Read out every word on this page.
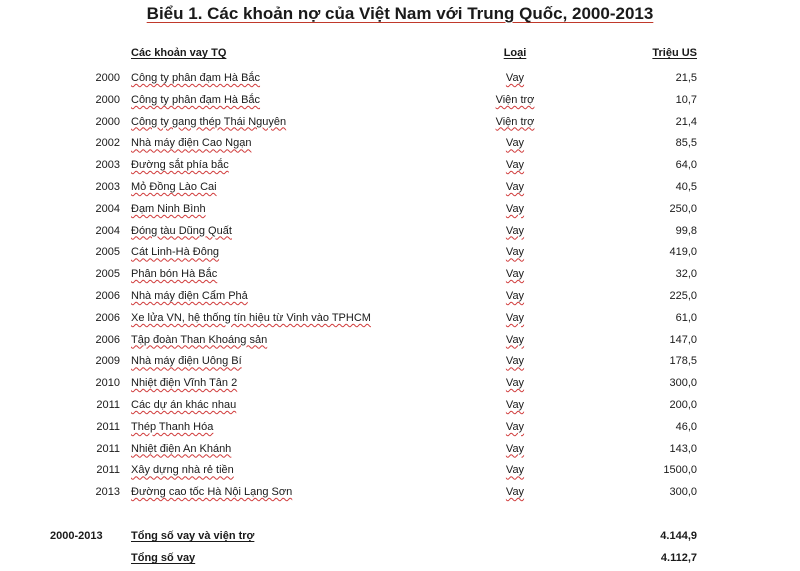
Biểu 1. Các khoản nợ của Việt Nam với Trung Quốc, 2000-2013
Các khoản vay TQ	Loại	Triệu US
2000 Công ty phân đạm Hà Bắc	Vay	21,5
2000 Công ty phân đạm Hà Bắc	Viện trợ	10,7
2000 Công ty gang thép Thái Nguyên	Viện trợ	21,4
2002 Nhà máy điện Cao Ngạn	Vay	85,5
2003 Đường sắt phía bắc	Vay	64,0
2003 Mỏ Đồng Lào Cai	Vay	40,5
2004 Đạm Ninh Bình	Vay	250,0
2004 Đóng tàu Dũng Quất	Vay	99,8
2005 Cát Linh-Hà Đông	Vay	419,0
2005 Phân bón Hà Bắc	Vay	32,0
2006 Nhà máy điện Cẩm Phả	Vay	225,0
2006 Xe lửa VN, hệ thống tín hiệu từ Vinh vào TPHCM	Vay	61,0
2006 Tập đoàn Than Khoáng sản	Vay	147,0
2009 Nhà máy điện Uông Bí	Vay	178,5
2010 Nhiệt điện Vĩnh Tân 2	Vay	300,0
2011 Các dự án khác nhau	Vay	200,0
2011 Thép Thanh Hóa	Vay	46,0
2011 Nhiệt điện An Khánh	Vay	143,0
2011 Xây dựng nhà rẻ tiền	Vay	1500,0
2013 Đường cao tốc Hà Nội Lạng Sơn	Vay	300,0
2000-2013	Tổng số vay và viện trợ	4.144,9
Tổng số vay	4.112,7
